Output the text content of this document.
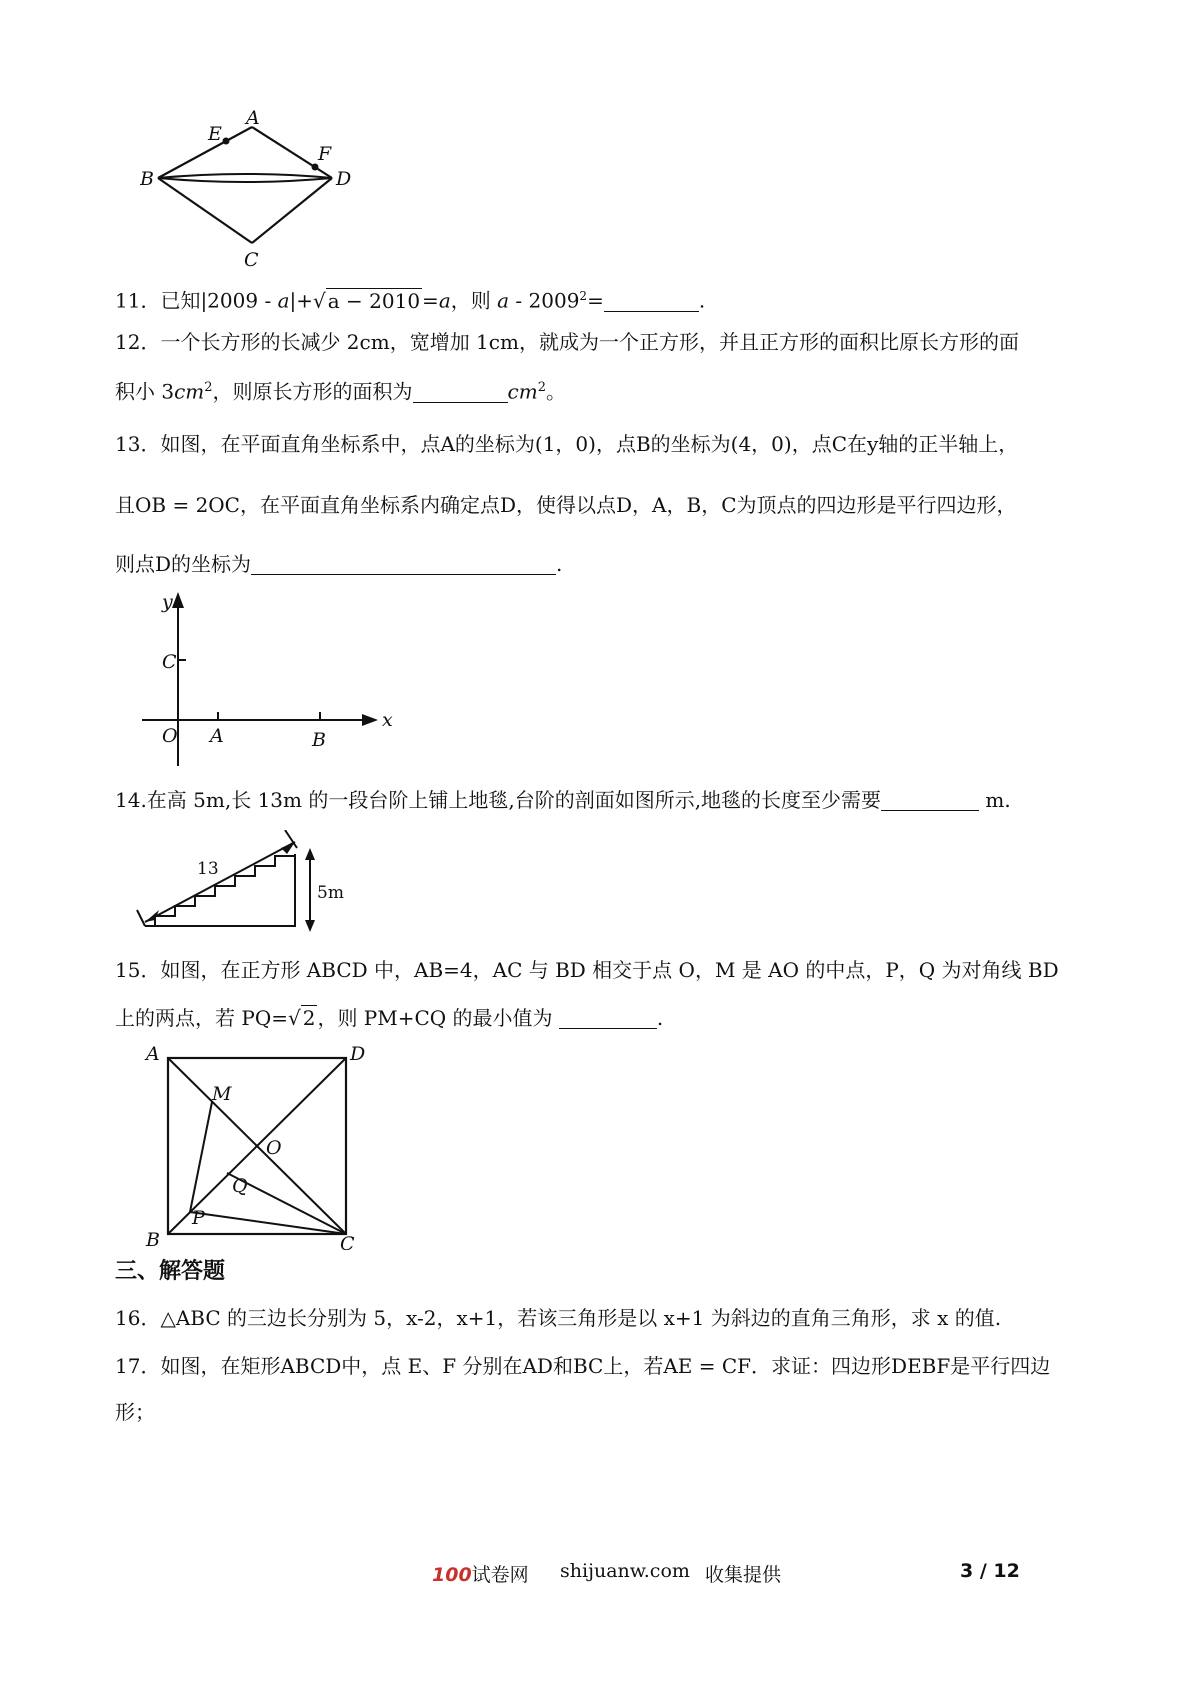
A
B
C
D
E
F
11．已知|2009 - a|+√ a − 2010 =a，则 $a - 2009^2=$	.
12．一个长方形的长减少 2cm，宽增加 1cm，就成为一个正方形，并且正方形的面积比原长方形的面
积小 $3cm^2$，则原长方形的面积为	$cm^2$。
13．如图，在平面直角坐标系中，点A的坐标为(1，0)，点B的坐标为(4，0)，点C在y轴的正半轴上，
且OB = 2OC，在平面直角坐标系内确定点D，使得以点D，A，B，C为顶点的四边形是平行四边形，
则点D的坐标为	.
y
x
C
O A	B
14.在高 5m,长 13m 的一段台阶上铺上地毯,台阶的剖面如图所示,地毯的长度至少需要	m.
13
5m
15．如图，在正方形 ABCD 中，AB=4，AC 与 BD 相交于点 O，M 是 AO 的中点，P，Q 为对角线 BD
上的两点，若 PQ=√ 2 ，则 PM+CQ 的最小值为	.
A	D
M
O
Q
P
B	C
三、解答题
16．△ABC 的三边长分别为 5，x-2，x+1，若该三角形是以 x+1 为斜边的直角三角形，求 x 的值.
17．如图，在矩形ABCD中，点 E、F 分别在AD和BC上，若AE = CF．求证：四边形DEBF是平行四边
形；
100试卷网 shijuanw.com 收集提供	3 / 12
